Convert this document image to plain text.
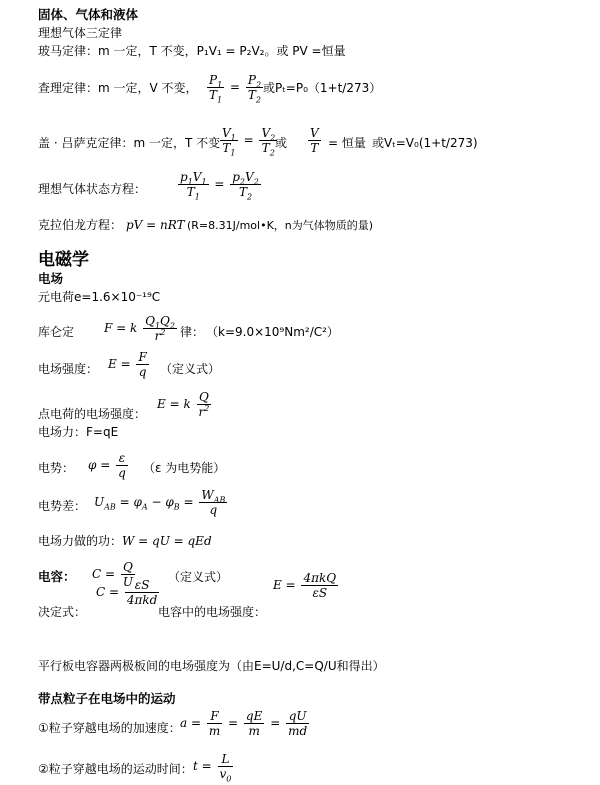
固体、气体和液体
理想气体三定律
玻马定律：m 一定，T 不变，P₁V₁ = P₂V₂。或 PV =恒量
查理定律：m 一定，V 不变， $\frac{P_1}{T_1} = \frac{P_2}{T_2}$ 或Pₜ=P₀（1+t/273）
盖 · 吕萨克定律：m 一定，T 不变 $\frac{V_1}{T_1} = \frac{V_2}{T_2}$
或 $\frac{V}{T}$ = 恒量 或Vₜ=V₀(1+t/273)
理想气体状态方程：	$\frac{p_1V_1}{T_1} = \frac{p_2V_2}{T_2}$
克拉伯龙方程： pV = nRT (R=8.31J/mol•K，n为气体物质的量)
电磁学
电场
元电荷e=1.6×10⁻¹⁹C
库仑定 F = k $\frac{Q_1Q_2}{r^2}$ 律： （k=9.0×10⁹Nm²/C²）
电场强度： $E = \frac{F}{q}$ （定义式）
点电荷的电场强度：
E = k $\frac{Q}{r^2}$
电场力：F=qE
电势： $\varphi = \frac{\varepsilon}{q} (\varepsilon$ 为电势能）
电势差： $U_{AB} = \varphi_A - \varphi_B = \frac{W_{AB}}{q}$
电场力做的功： W = qU = qEd
电容： $C = \frac{Q}{U}$	（定义式）
$C = \frac{\varepsilon S}{\text{4πkd}}$	$E = \frac{\text{4πkQ}}{\varepsilon S}$
决定式：	电容中的电场强度：
平行板电容器两极板间的电场强度为（由E=U/d,C=Q/U和得出）
带点粒子在电场中的运动
①粒子穿越电场的加速度： $a = \frac{F}{m} = \frac{qE}{m} = \frac{qU}{md}$
②粒子穿越电场的运动时间： $t = \frac{L}{v_0}$
